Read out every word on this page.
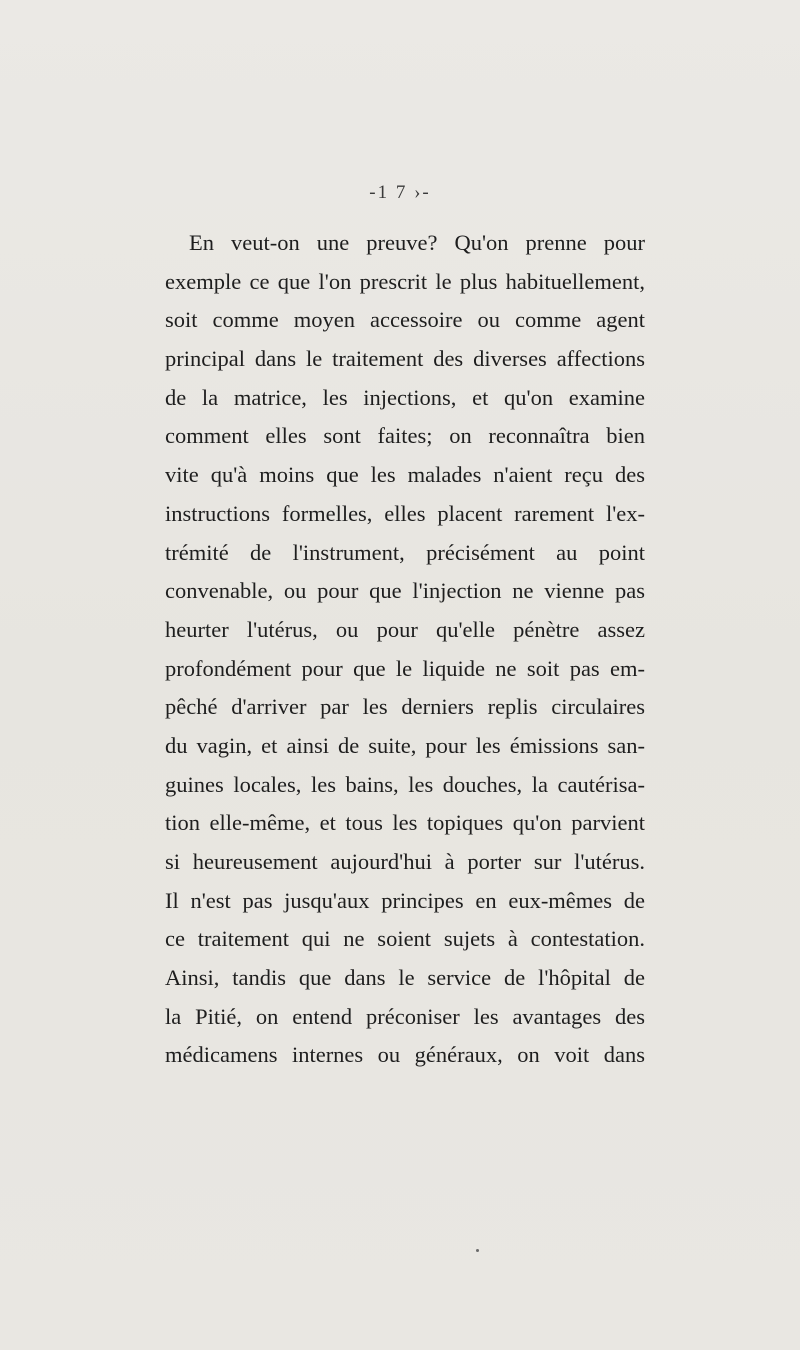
-1 7 ›-
En veut-on une preuve? Qu'on prenne pour
exemple ce que l'on prescrit le plus habituellement,
soit comme moyen accessoire ou comme agent
principal dans le traitement des diverses affections
de la matrice, les injections, et qu'on examine
comment elles sont faites; on reconnaîtra bien
vite qu'à moins que les malades n'aient reçu des
instructions formelles, elles placent rarement l'ex-
trémité de l'instrument, précisément au point
convenable, ou pour que l'injection ne vienne pas
heurter l'utérus, ou pour qu'elle pénètre assez
profondément pour que le liquide ne soit pas em-
pêché d'arriver par les derniers replis circulaires
du vagin, et ainsi de suite, pour les émissions san-
guines locales, les bains, les douches, la cautérisa-
tion elle-même, et tous les topiques qu'on parvient
si heureusement aujourd'hui à porter sur l'utérus.
Il n'est pas jusqu'aux principes en eux-mêmes de
ce traitement qui ne soient sujets à contestation.
Ainsi, tandis que dans le service de l'hôpital de
la Pitié, on entend préconiser les avantages des
médicamens internes ou généraux, on voit dans
